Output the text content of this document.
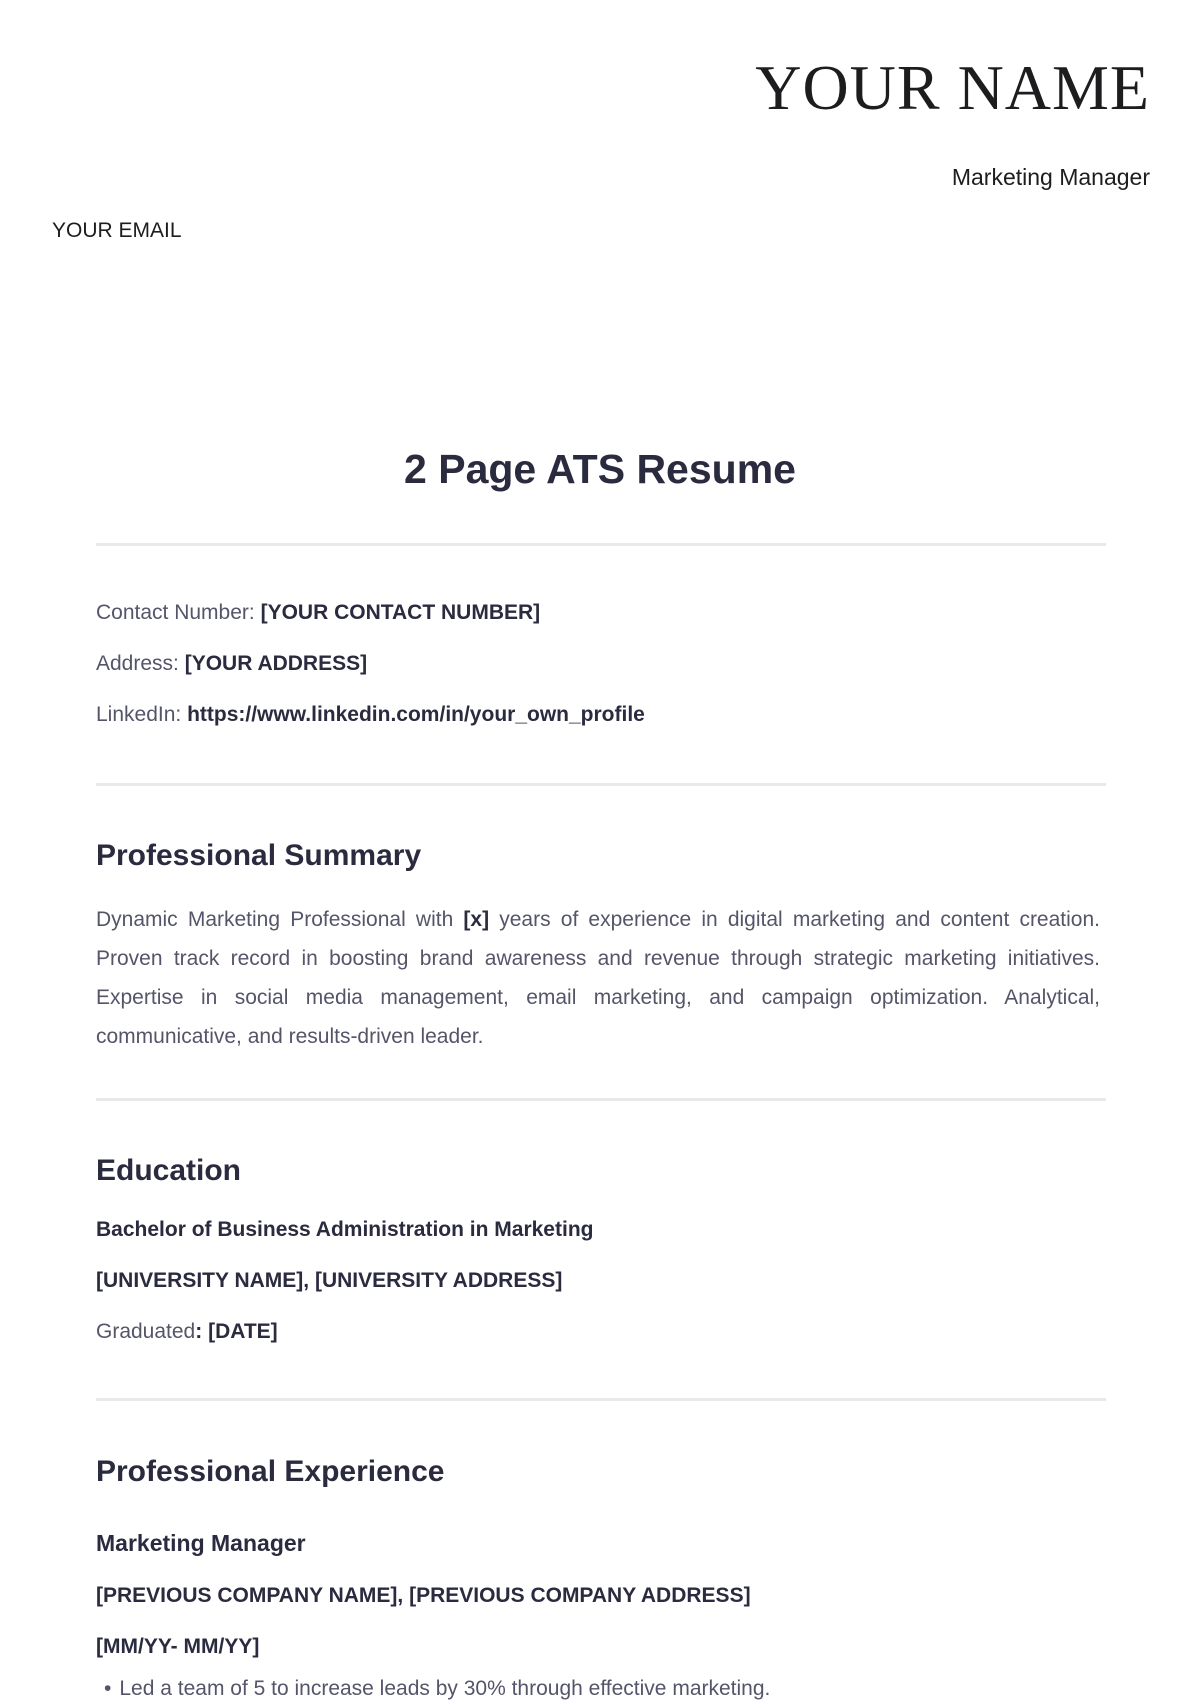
YOUR NAME
Marketing Manager
YOUR EMAIL
2 Page ATS Resume
Contact Number: [YOUR CONTACT NUMBER]
Address: [YOUR ADDRESS]
LinkedIn: https://www.linkedin.com/in/your_own_profile
Professional Summary

Dynamic Marketing Professional with [x] years of experience in digital marketing and content creation. Proven track record in boosting brand awareness and revenue through strategic marketing initiatives. Expertise in social media management, email marketing, and campaign optimization. Analytical, communicative, and results-driven leader.

Education
Bachelor of Business Administration in Marketing
[UNIVERSITY NAME], [UNIVERSITY ADDRESS]
Graduated: [DATE]
Professional Experience
Marketing Manager
[PREVIOUS COMPANY NAME], [PREVIOUS COMPANY ADDRESS]
[MM/YY- MM/YY]
• Led a team of 5 to increase leads by 30% through effective marketing.
